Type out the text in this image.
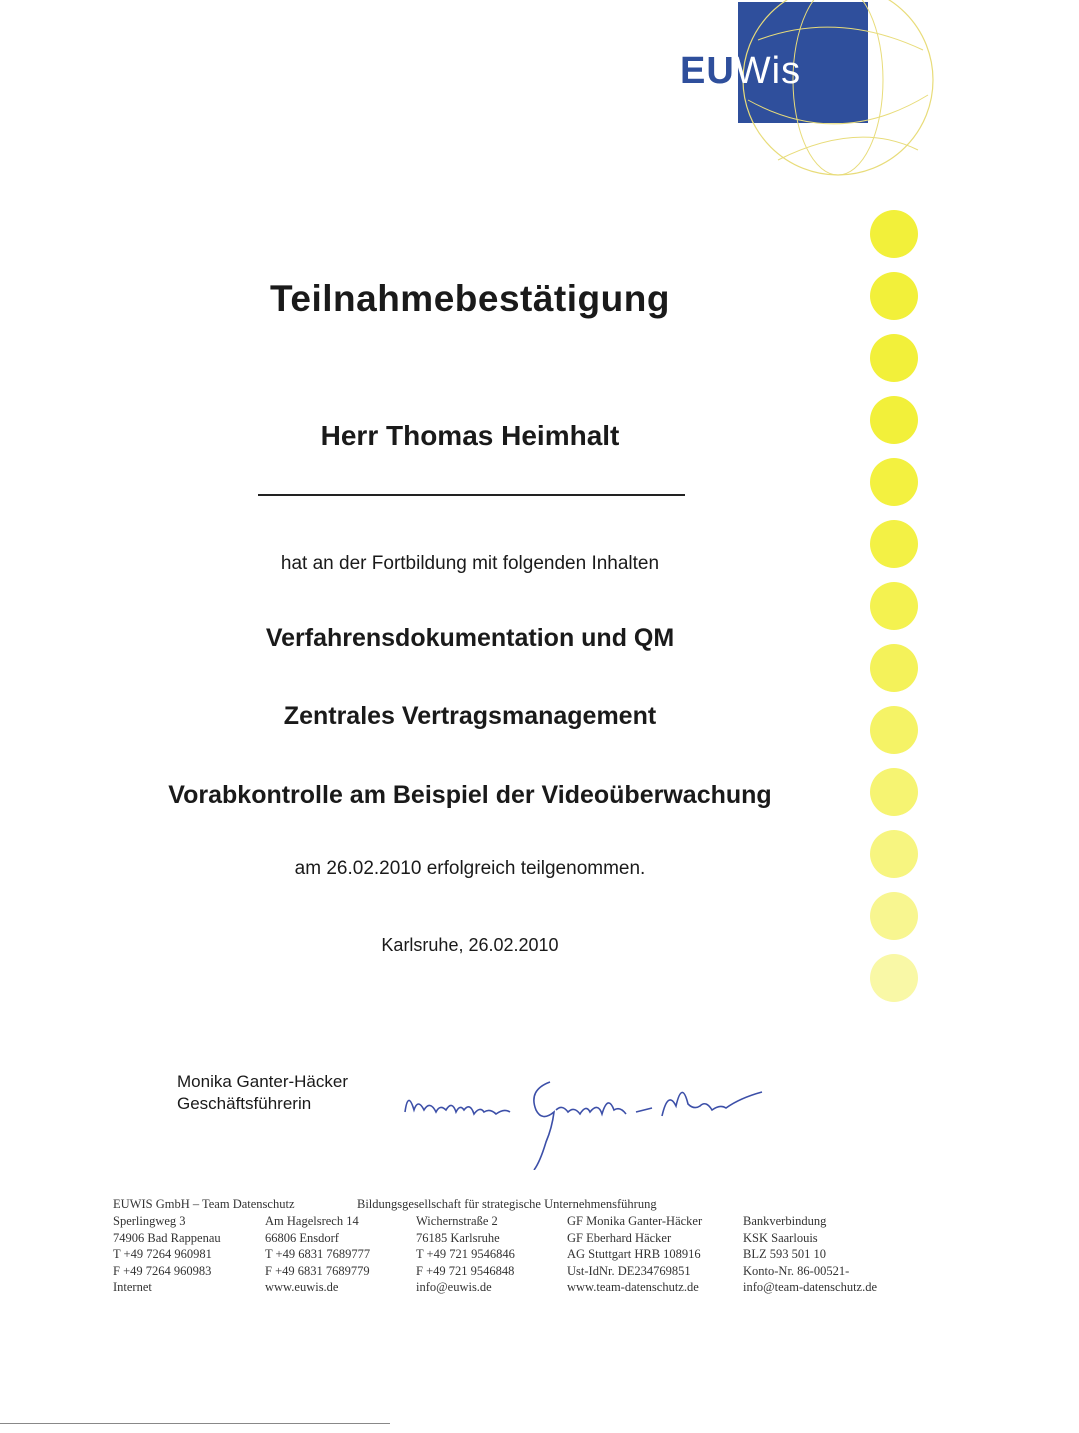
EUWis
Teilnahmebestätigung
Herr Thomas Heimhalt
hat an der Fortbildung mit folgenden Inhalten
Verfahrensdokumentation und QM
Zentrales Vertragsmanagement
Vorabkontrolle am Beispiel der Videoüberwachung
am 26.02.2010 erfolgreich teilgenommen.
Karlsruhe, 26.02.2010
Monika Ganter-Häcker
Geschäftsführerin
EUWIS GmbH – Team Datenschutz	Bildungsgesellschaft für strategische Unternehmensführung
Sperlingweg 3
74906 Bad Rappenau
T +49 7264 960981
F +49 7264 960983
Internet
Am Hagelsrech 14
66806 Ensdorf
T +49 6831 7689777
F +49 6831 7689779
www.euwis.de
Wichernstraße 2
76185 Karlsruhe
T +49 721 9546846
F +49 721 9546848
info@euwis.de
GF Monika Ganter-Häcker
GF Eberhard Häcker
AG Stuttgart HRB 108916
Ust-IdNr. DE234769851
www.team-datenschutz.de
Bankverbindung
KSK Saarlouis
BLZ 593 501 10
Konto-Nr. 86-00521-
info@team-datenschutz.de
